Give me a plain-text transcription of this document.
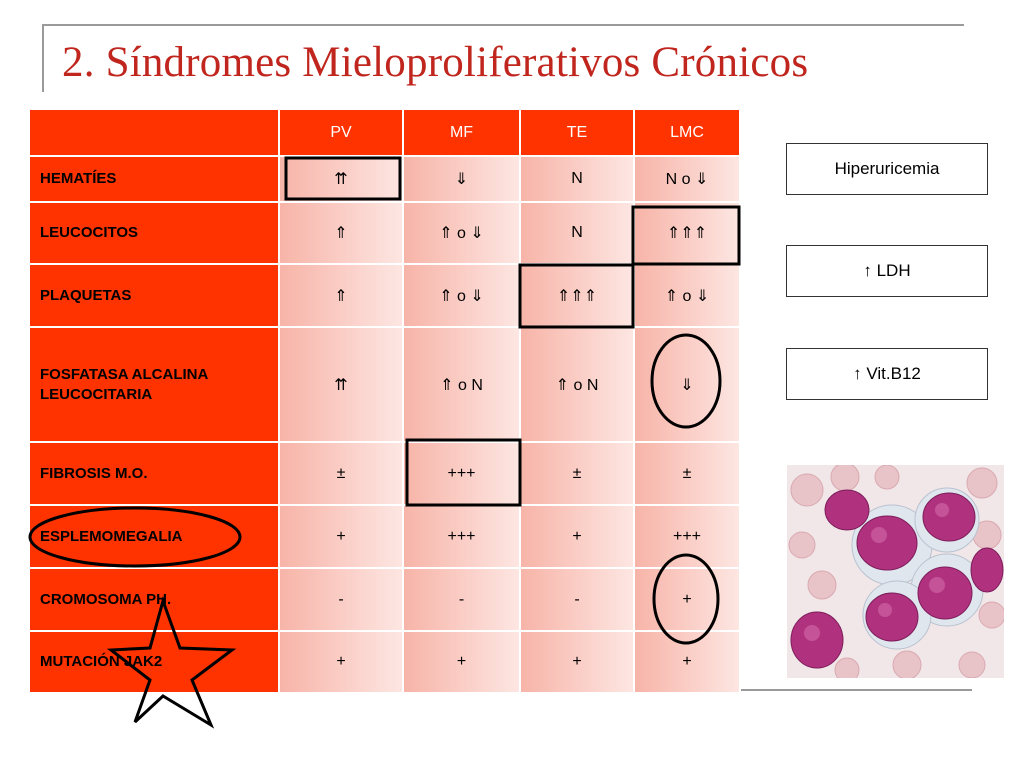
2. Síndromes Mieloproliferativos Crónicos
	PV	MF	TE	LMC
HEMATÍES	⇈	⇓	N	N o ⇓
LEUCOCITOS	⇑	⇑ o ⇓	N	⇑⇑⇑
PLAQUETAS	⇑	⇑ o ⇓	⇑⇑⇑	⇑ o ⇓
FOSFATASA ALCALINA LEUCOCITARIA	⇈	⇑ o N	⇑ o N	⇓
FIBROSIS M.O.	±	+++	±	±
ESPLEMOMEGALIA	+	+++	+	+++
CROMOSOMA PH.	-	-	-	+
MUTACIÓN JAK2	+	+	+	+
Hiperuricemia
↑ LDH
↑ Vit.B12
